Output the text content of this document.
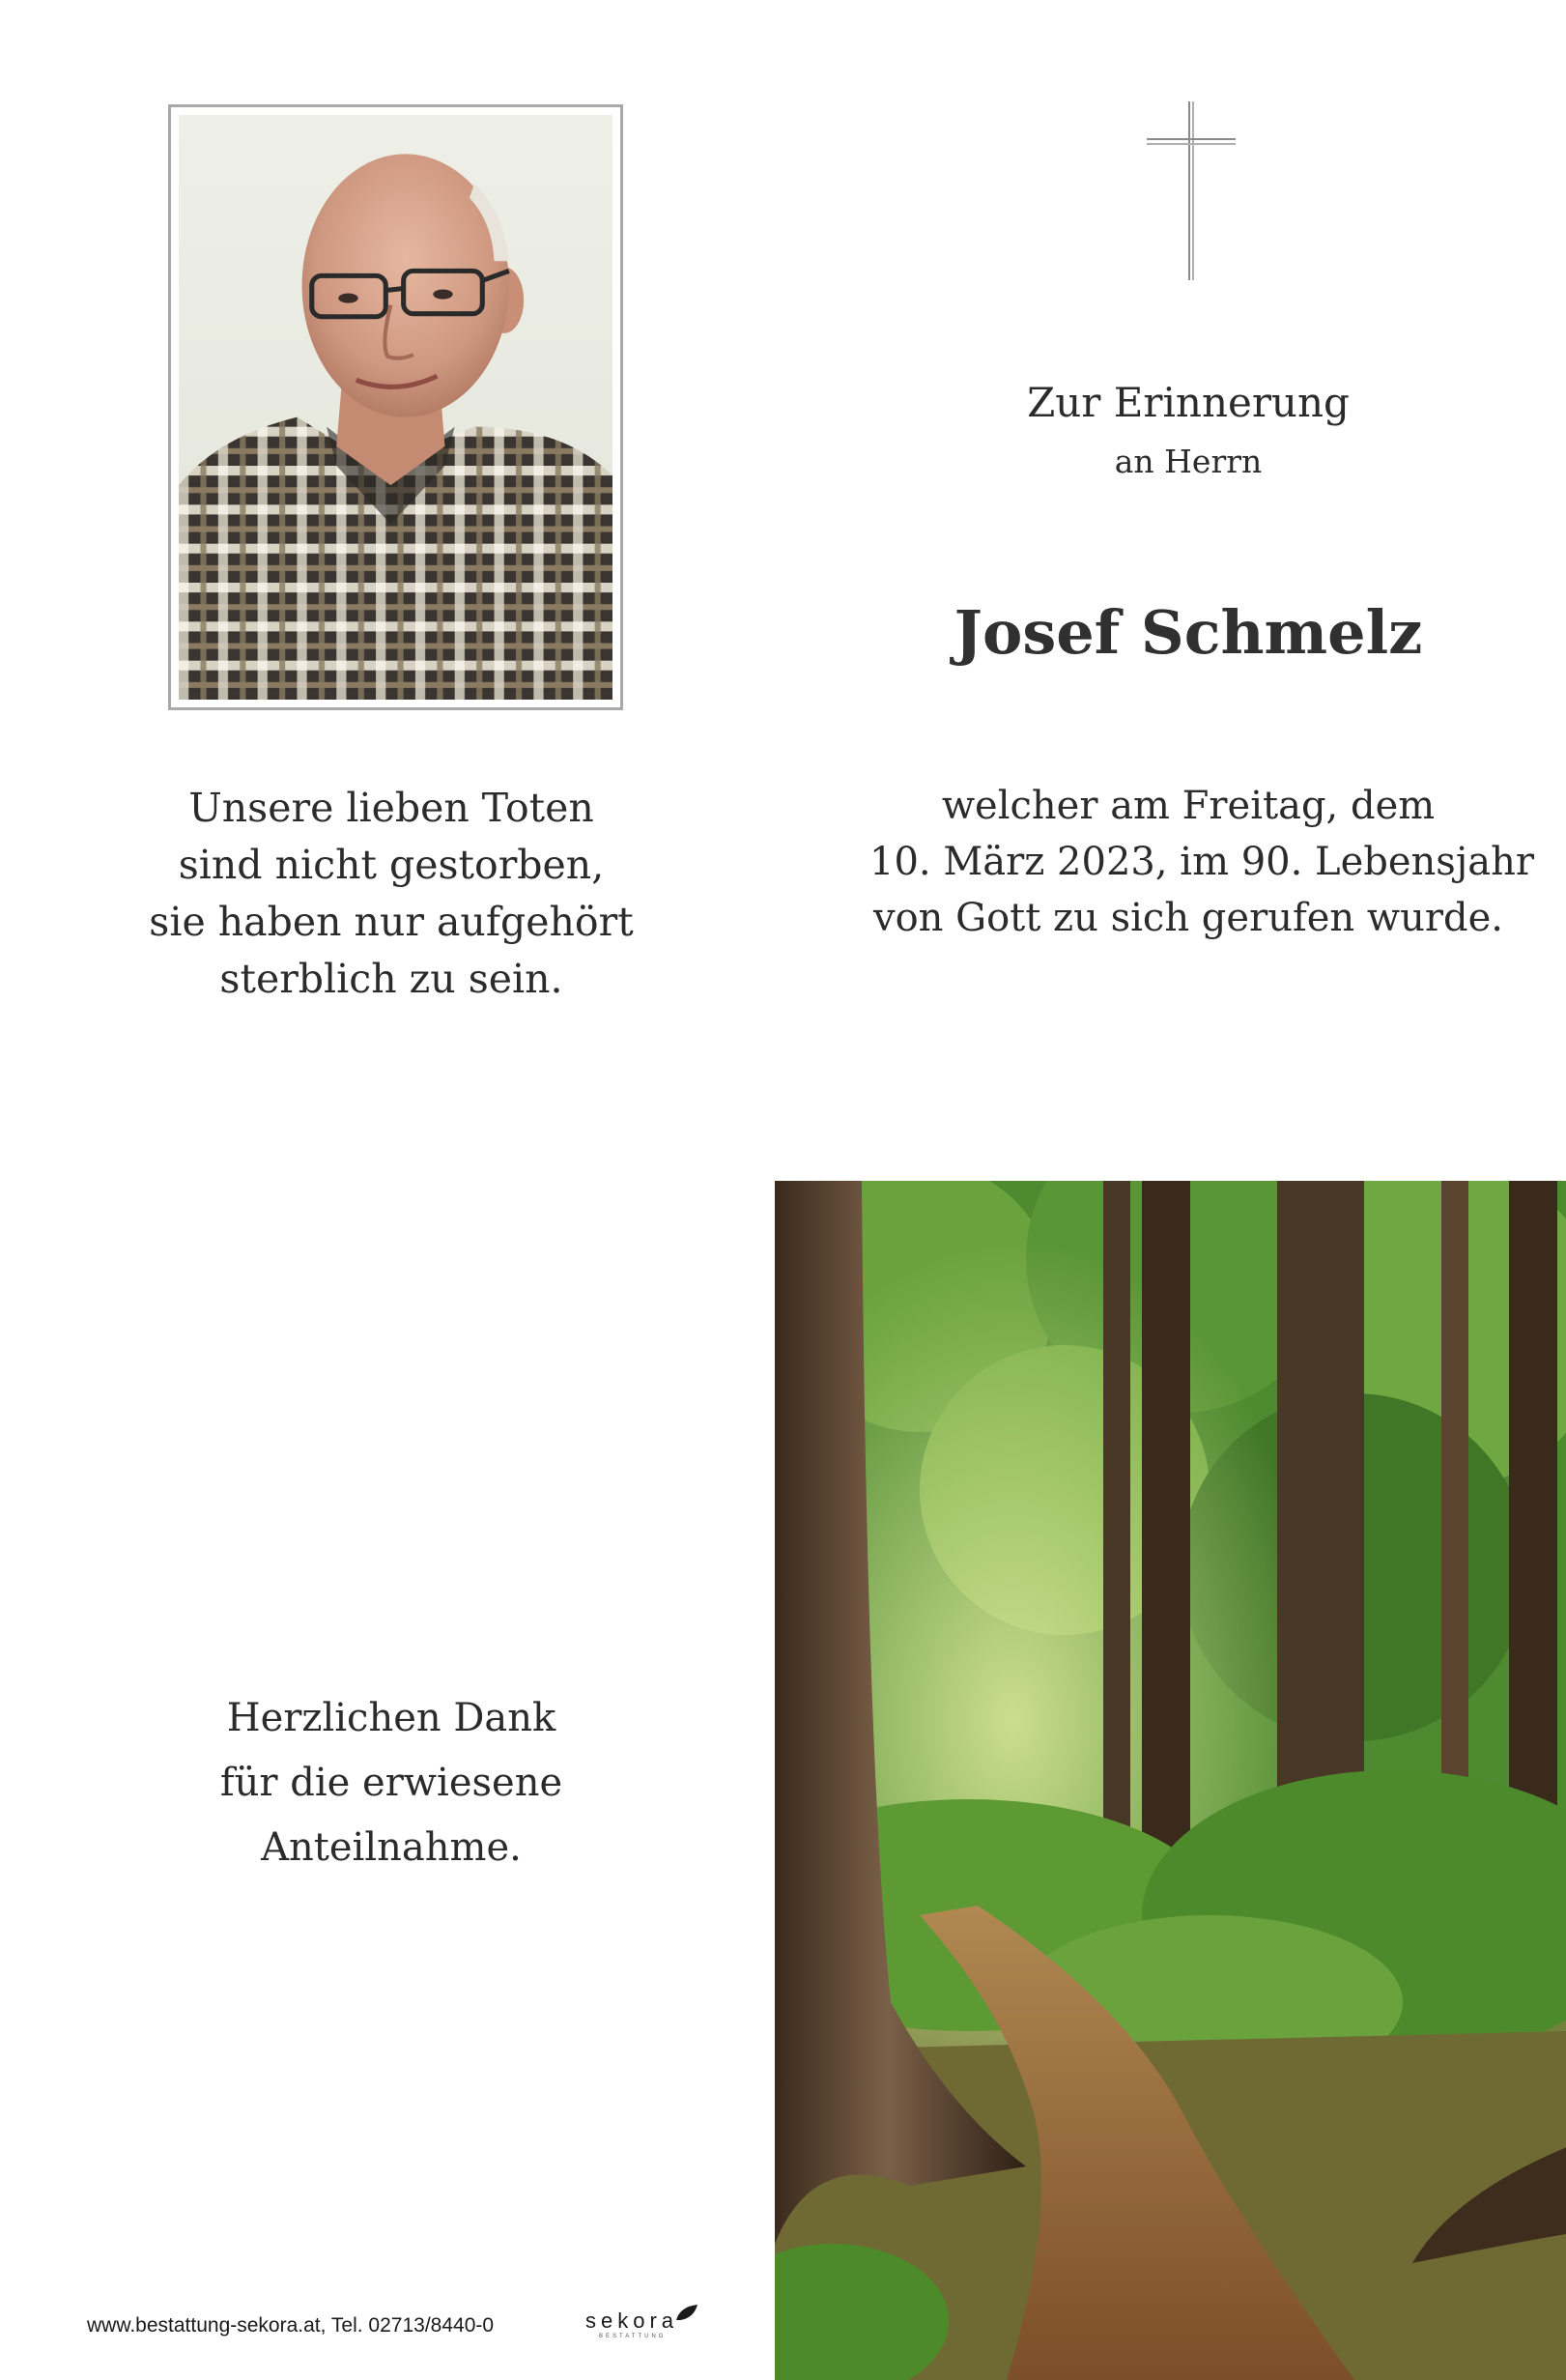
Zur Erinnerung
an Herrn
Josef Schmelz
welcher am Freitag, dem
10. März 2023, im 90. Lebensjahr
von Gott zu sich gerufen wurde.
Unsere lieben Toten
sind nicht gestorben,
sie haben nur aufgehört
sterblich zu sein.
Herzlichen Dank
für die erwiesene
Anteilnahme.
www.bestattung-sekora.at, Tel. 02713/8440-0	sekora
BESTATTUNG
